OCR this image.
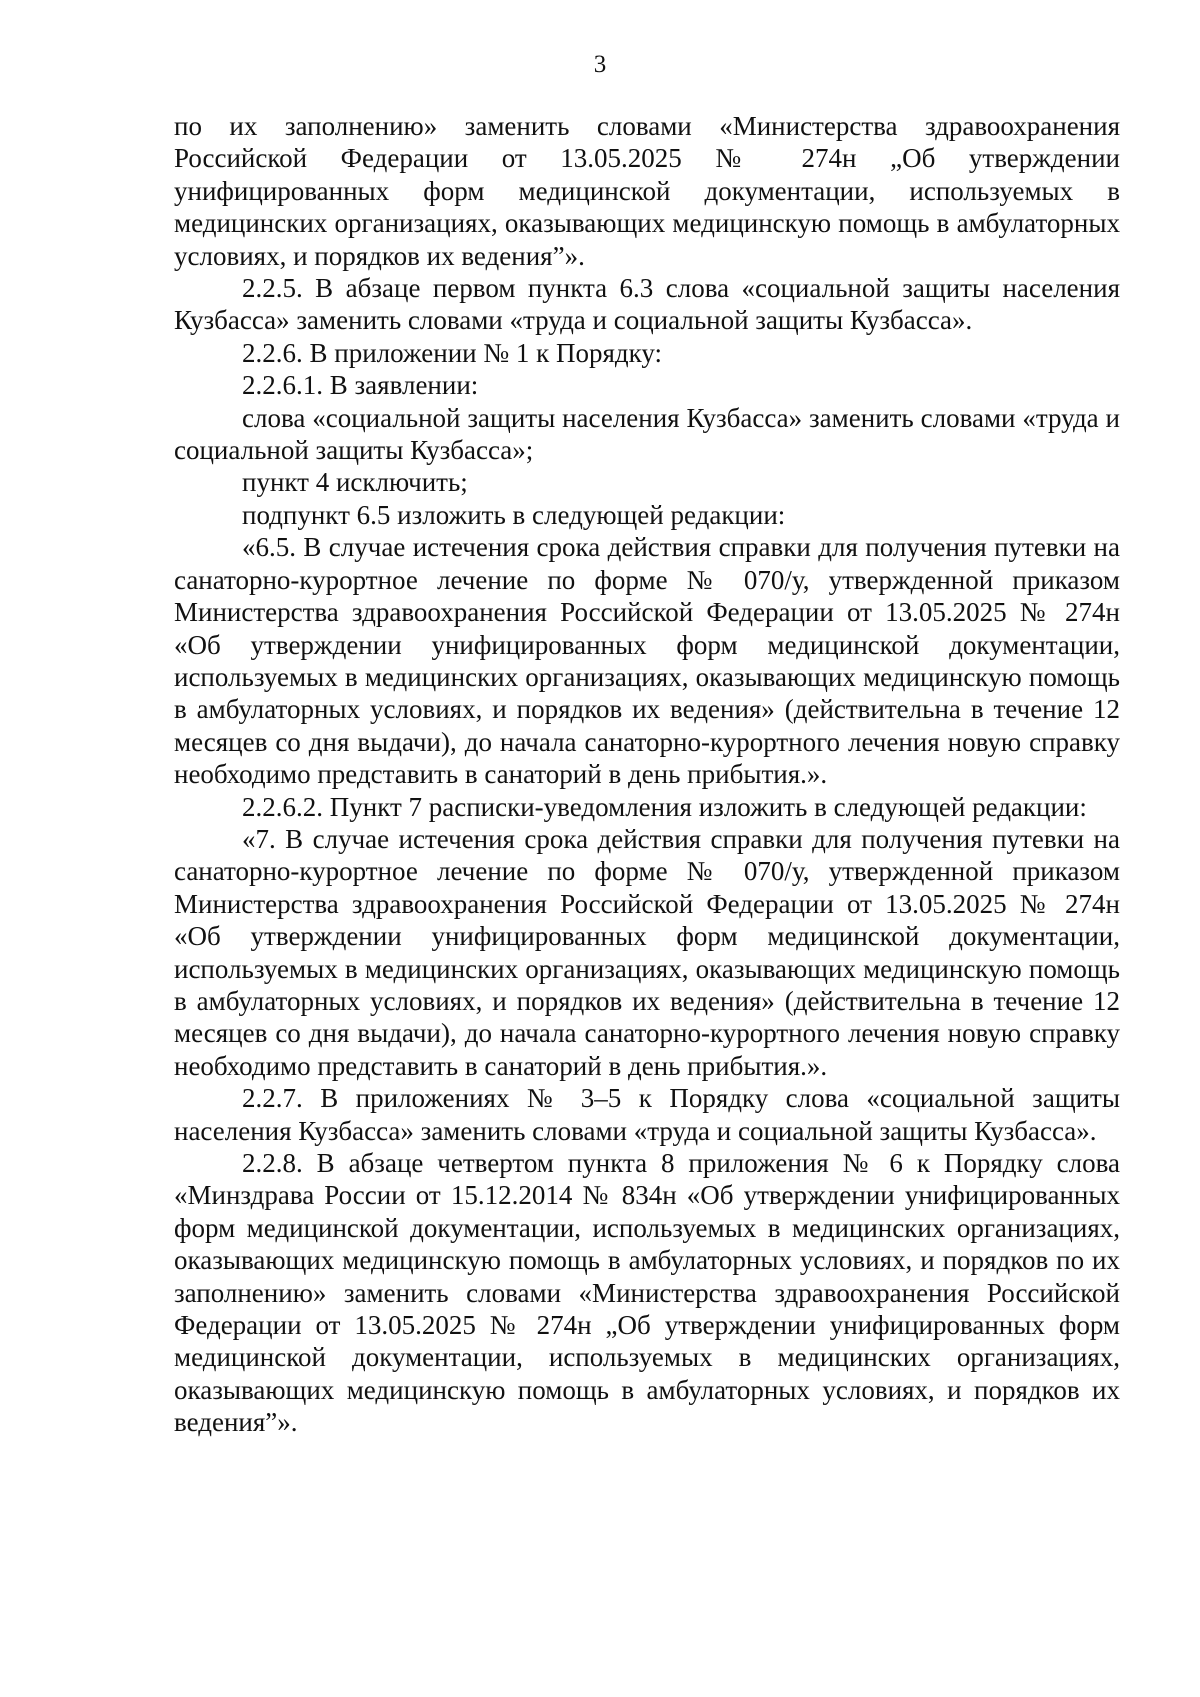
3

по их заполнению» заменить словами «Министерства здравоохранения Российской Федерации от 13.05.2025 № 274н „Об утверждении унифицированных форм медицинской документации, используемых в медицинских организациях, оказывающих медицинскую помощь в амбулаторных условиях, и порядков их ведения”».

2.2.5. В абзаце первом пункта 6.3 слова «социальной защиты населения Кузбасса» заменить словами «труда и социальной защиты Кузбасса».

2.2.6. В приложении № 1 к Порядку:

2.2.6.1. В заявлении:

слова «социальной защиты населения Кузбасса» заменить словами «труда и социальной защиты Кузбасса»;

пункт 4 исключить;

подпункт 6.5 изложить в следующей редакции:

«6.5. В случае истечения срока действия справки для получения путевки на санаторно-курортное лечение по форме № 070/у, утвержденной приказом Министерства здравоохранения Российской Федерации от 13.05.2025 № 274н «Об утверждении унифицированных форм медицинской документации, используемых в медицинских организациях, оказывающих медицинскую помощь в амбулаторных условиях, и порядков их ведения» (действительна в течение 12 месяцев со дня выдачи), до начала санаторно-курортного лечения новую справку необходимо представить в санаторий в день прибытия.».

2.2.6.2. Пункт 7 расписки-уведомления изложить в следующей редакции:

«7. В случае истечения срока действия справки для получения путевки на санаторно-курортное лечение по форме № 070/у, утвержденной приказом Министерства здравоохранения Российской Федерации от 13.05.2025 № 274н «Об утверждении унифицированных форм медицинской документации, используемых в медицинских организациях, оказывающих медицинскую помощь в амбулаторных условиях, и порядков их ведения» (действительна в течение 12 месяцев со дня выдачи), до начала санаторно-курортного лечения новую справку необходимо представить в санаторий в день прибытия.».

2.2.7. В приложениях № 3–5 к Порядку слова «социальной защиты населения Кузбасса» заменить словами «труда и социальной защиты Кузбасса».

2.2.8. В абзаце четвертом пункта 8 приложения № 6 к Порядку слова «Минздрава России от 15.12.2014 № 834н «Об утверждении унифицированных форм медицинской документации, используемых в медицинских организациях, оказывающих медицинскую помощь в амбулаторных условиях, и порядков по их заполнению» заменить словами «Министерства здравоохранения Российской Федерации от 13.05.2025 № 274н „Об утверждении унифицированных форм медицинской документации, используемых в медицинских организациях, оказывающих медицинскую помощь в амбулаторных условиях, и порядков их ведения”».
